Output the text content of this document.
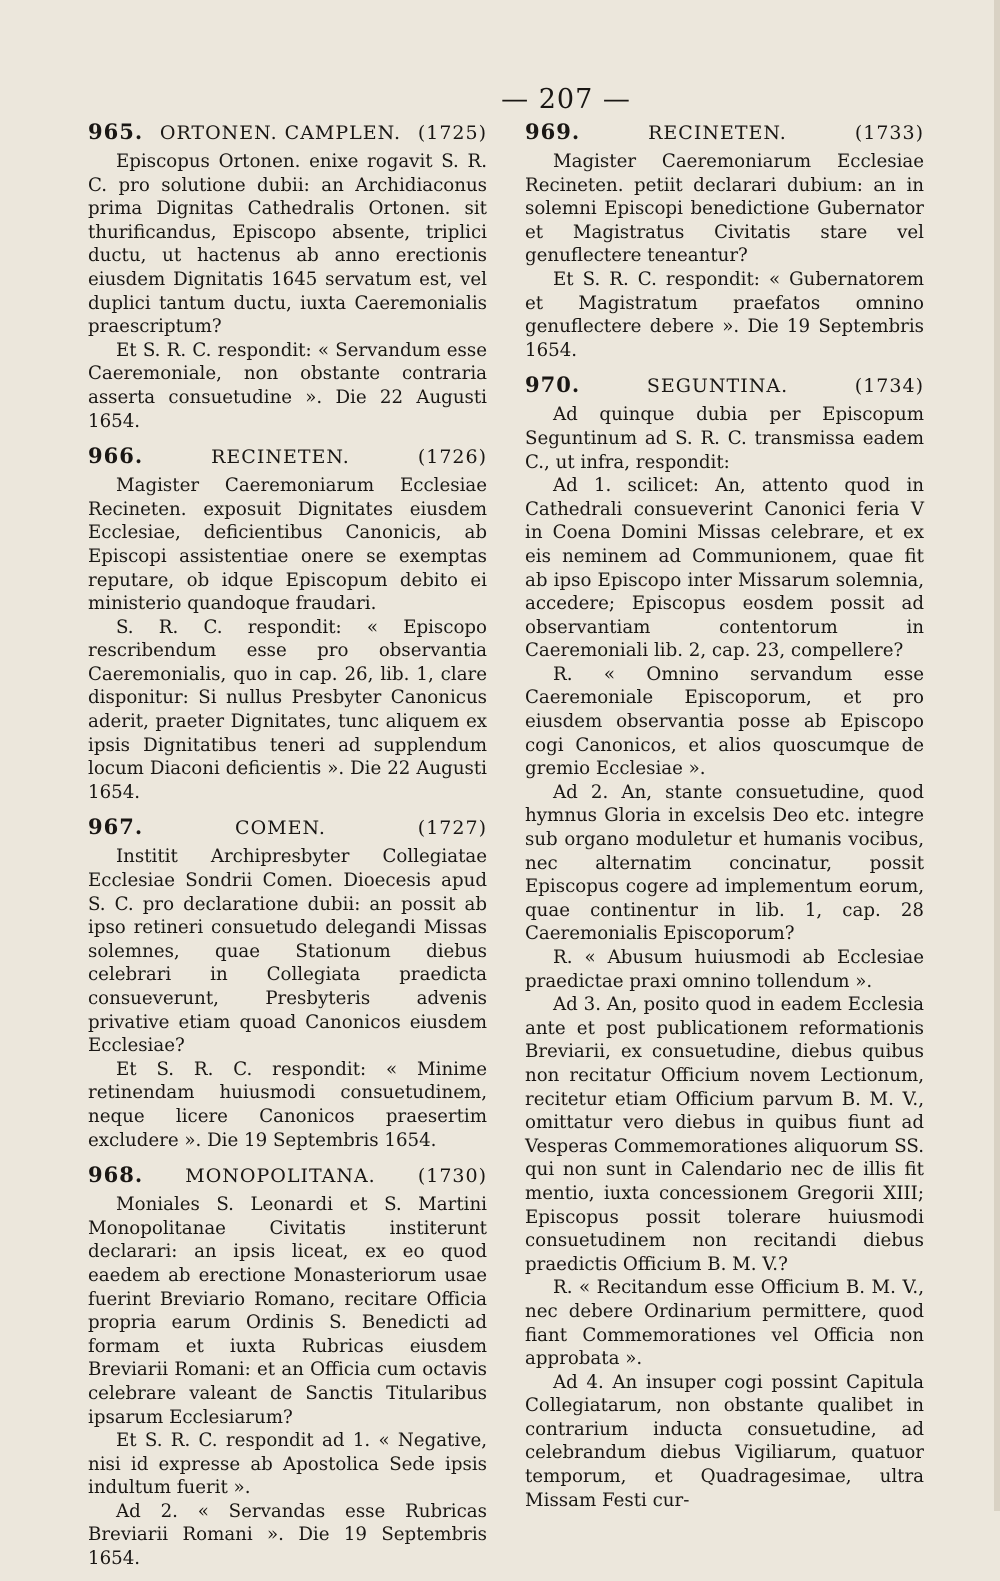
— 207 —
965. ORTONEN. CAMPLEN. (1725)

Episcopus Ortonen. enixe rogavit S. R. C. pro solutione dubii: an Archidiaconus prima Dignitas Cathedralis Ortonen. sit thurificandus, Episcopo absente, triplici ductu, ut hactenus ab anno erectionis eiusdem Dignitatis 1645 servatum est, vel duplici tantum ductu, iuxta Caeremonialis praescriptum?

Et S. R. C. respondit: « Servandum esse Caeremoniale, non obstante contraria asserta consuetudine ». Die 22 Augusti 1654.

966.	RECINETEN.	(1726)

Magister Caeremoniarum Ecclesiae Recineten. exposuit Dignitates eiusdem Ecclesiae, deficientibus Canonicis, ab Episcopi assistentiae onere se exemptas reputare, ob idque Episcopum debito ei ministerio quandoque fraudari.

S. R. C. respondit: « Episcopo rescribendum esse pro observantia Caeremonialis, quo in cap. 26, lib. 1, clare disponitur: Si nullus Presbyter Canonicus aderit, praeter Dignitates, tunc aliquem ex ipsis Dignitatibus teneri ad supplendum locum Diaconi deficientis ». Die 22 Augusti 1654.

967.	COMEN.	(1727)

Institit Archipresbyter Collegiatae Ecclesiae Sondrii Comen. Dioecesis apud S. C. pro declaratione dubii: an possit ab ipso retineri consuetudo delegandi Missas solemnes, quae Stationum diebus celebrari in Collegiata praedicta consueverunt, Presbyteris advenis privative etiam quoad Canonicos eiusdem Ecclesiae?

Et S. R. C. respondit: « Minime retinendam huiusmodi consuetudinem, neque licere Canonicos praesertim excludere ». Die 19 Septembris 1654.

968. MONOPOLITANA. (1730)

Moniales S. Leonardi et S. Martini Monopolitanae Civitatis institerunt declarari: an ipsis liceat, ex eo quod eaedem ab erectione Monasteriorum usae fuerint Breviario Romano, recitare Officia propria earum Ordinis S. Benedicti ad formam et iuxta Rubricas eiusdem Breviarii Romani: et an Officia cum octavis celebrare valeant de Sanctis Titularibus ipsarum Ecclesiarum?

Et S. R. C. respondit ad 1. « Negative, nisi id expresse ab Apostolica Sede ipsis indultum fuerit ».

Ad 2. « Servandas esse Rubricas Breviarii Romani ». Die 19 Septembris 1654.

969.	RECINETEN.	(1733)

Magister Caeremoniarum Ecclesiae Recineten. petiit declarari dubium: an in solemni Episcopi benedictione Gubernator et Magistratus Civitatis stare vel genuflectere teneantur?

Et S. R. C. respondit: « Gubernatorem et Magistratum praefatos omnino genuflectere debere ». Die 19 Septembris 1654.

970.	SEGUNTINA.	(1734)

Ad quinque dubia per Episcopum Seguntinum ad S. R. C. transmissa eadem C., ut infra, respondit:

Ad 1. scilicet: An, attento quod in Cathedrali consueverint Canonici feria V in Coena Domini Missas celebrare, et ex eis neminem ad Communionem, quae fit ab ipso Episcopo inter Missarum solemnia, accedere; Episcopus eosdem possit ad observantiam contentorum in Caeremoniali lib. 2, cap. 23, compellere?

R. « Omnino servandum esse Caeremoniale Episcoporum, et pro eiusdem observantia posse ab Episcopo cogi Canonicos, et alios quoscumque de gremio Ecclesiae ».

Ad 2. An, stante consuetudine, quod hymnus Gloria in excelsis Deo etc. integre sub organo moduletur et humanis vocibus, nec alternatim concinatur, possit Episcopus cogere ad implementum eorum, quae continentur in lib. 1, cap. 28 Caeremonialis Episcoporum?

R. « Abusum huiusmodi ab Ecclesiae praedictae praxi omnino tollendum ».

Ad 3. An, posito quod in eadem Ecclesia ante et post publicationem reformationis Breviarii, ex consuetudine, diebus quibus non recitatur Officium novem Lectionum, recitetur etiam Officium parvum B. M. V., omittatur vero diebus in quibus fiunt ad Vesperas Commemorationes aliquorum SS. qui non sunt in Calendario nec de illis fit mentio, iuxta concessionem Gregorii XIII; Episcopus possit tolerare huiusmodi consuetudinem non recitandi diebus praedictis Officium B. M. V.?

R. « Recitandum esse Officium B. M. V., nec debere Ordinarium permittere, quod fiant Commemorationes vel Officia non approbata ».

Ad 4. An insuper cogi possint Capitula Collegiatarum, non obstante qualibet in contrarium inducta consuetudine, ad celebrandum diebus Vigiliarum, quatuor temporum, et Quadragesimae, ultra Missam Festi cur-
